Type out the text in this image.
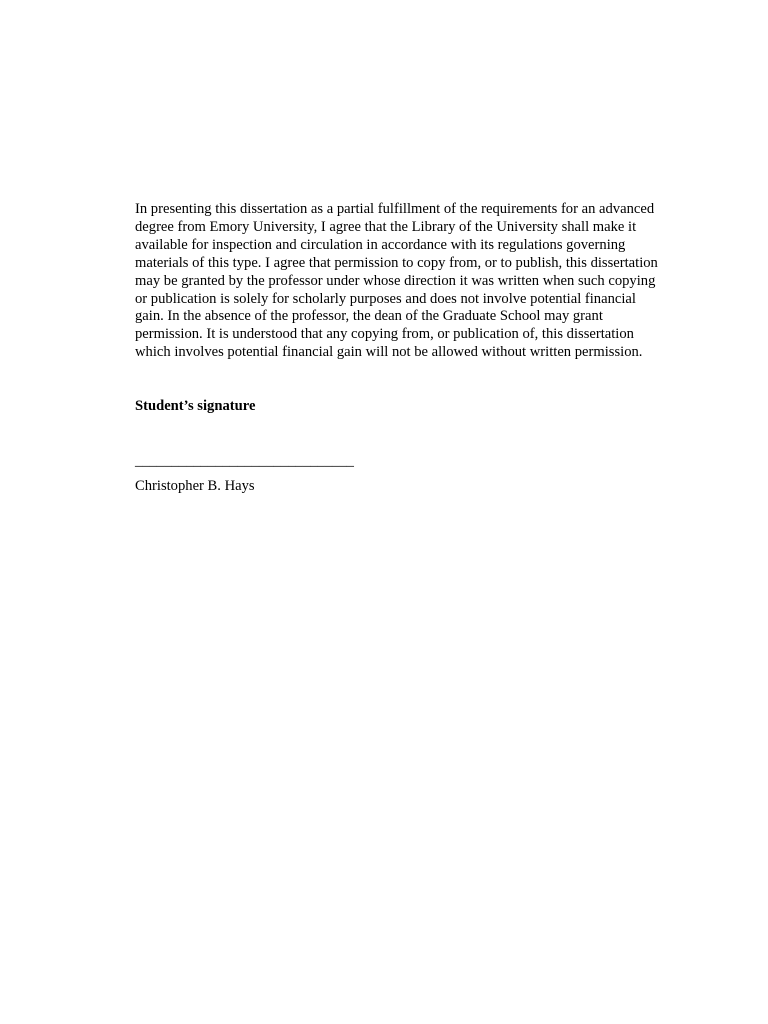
In presenting this dissertation as a partial fulfillment of the requirements for an advanced
degree from Emory University, I agree that the Library of the University shall make it
available for inspection and circulation in accordance with its regulations governing
materials of this type. I agree that permission to copy from, or to publish, this dissertation
may be granted by the professor under whose direction it was written when such copying
or publication is solely for scholarly purposes and does not involve potential financial
gain. In the absence of the professor, the dean of the Graduate School may grant
permission. It is understood that any copying from, or publication of, this dissertation
which involves potential financial gain will not be allowed without written permission.

Student’s signature

______________________________

Christopher B. Hays
